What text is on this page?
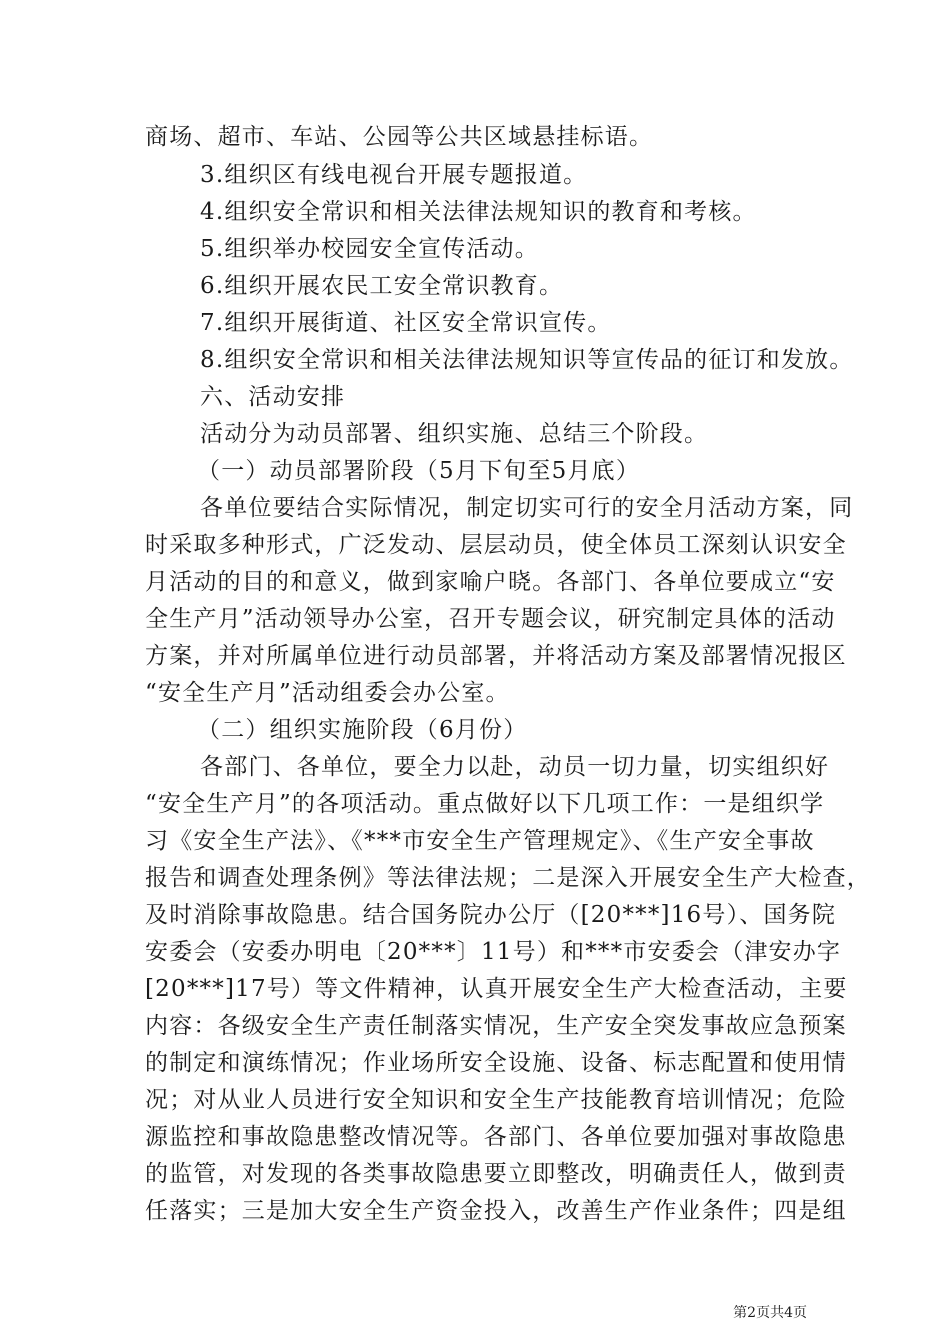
商场、超市、车站、公园等公共区域悬挂标语。
3.组织区有线电视台开展专题报道。
4.组织安全常识和相关法律法规知识的教育和考核。
5.组织举办校园安全宣传活动。
6.组织开展农民工安全常识教育。
7.组织开展街道、社区安全常识宣传。
8.组织安全常识和相关法律法规知识等宣传品的征订和发放。
六、活动安排
活动分为动员部署、组织实施、总结三个阶段。
（一）动员部署阶段（5月下旬至5月底）
各单位要结合实际情况，制定切实可行的安全月活动方案，同
时采取多种形式，广泛发动、层层动员，使全体员工深刻认识安全
月活动的目的和意义，做到家喻户晓。各部门、各单位要成立“安
全生产月”活动领导办公室，召开专题会议，研究制定具体的活动
方案，并对所属单位进行动员部署，并将活动方案及部署情况报区
“安全生产月”活动组委会办公室。
（二）组织实施阶段（6月份）
各部门、各单位，要全力以赴，动员一切力量，切实组织好
“安全生产月”的各项活动。重点做好以下几项工作：一是组织学
习《安全生产法》、《***市安全生产管理规定》、《生产安全事故
报告和调查处理条例》等法律法规；二是深入开展安全生产大检查，
及时消除事故隐患。结合国务院办公厅（[20***]16号）、国务院
安委会（安委办明电〔20***〕11号）和***市安委会（津安办字
[20***]17号）等文件精神，认真开展安全生产大检查活动，主要
内容：各级安全生产责任制落实情况，生产安全突发事故应急预案
的制定和演练情况；作业场所安全设施、设备、标志配置和使用情
况；对从业人员进行安全知识和安全生产技能教育培训情况；危险
源监控和事故隐患整改情况等。各部门、各单位要加强对事故隐患
的监管，对发现的各类事故隐患要立即整改，明确责任人，做到责
任落实；三是加大安全生产资金投入，改善生产作业条件；四是组
第2页共4页
